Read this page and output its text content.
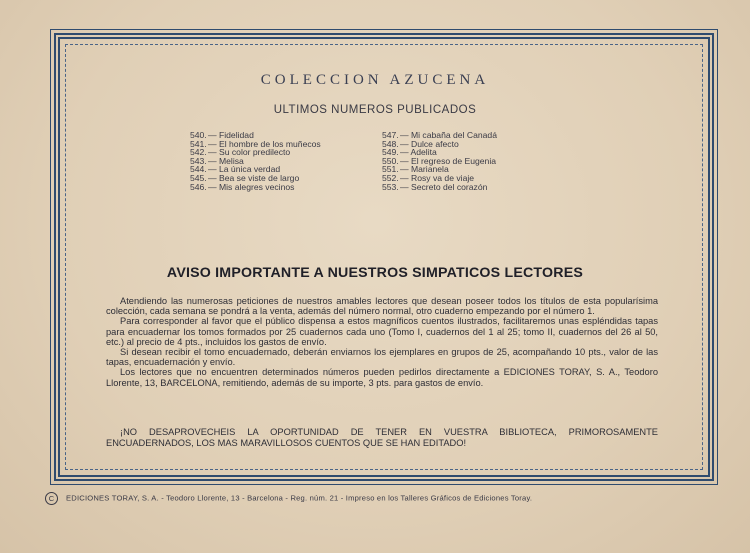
COLECCION AZUCENA
ULTIMOS NUMEROS PUBLICADOS
540.— Fidelidad
541.— El hombre de los muñecos
542.— Su color predilecto
543.— Melisa
544.— La única verdad
545.— Bea se viste de largo
546.— Mis alegres vecinos
547.— Mi cabaña del Canadá
548.— Dulce afecto
549.— Adelita
550.— El regreso de Eugenia
551.— Marianela
552.— Rosy va de viaje
553.— Secreto del corazón
AVISO IMPORTANTE A NUESTROS SIMPATICOS LECTORES

Atendiendo las numerosas peticiones de nuestros amables lectores que desean poseer todos los títulos de esta popularísima colección, cada semana se pondrá a la venta, además del número normal, otro cuaderno empezando por el número 1.

Para corresponder al favor que el público dispensa a estos magníficos cuentos ilustrados, facilitaremos unas espléndidas tapas para encuadernar los tomos formados por 25 cuadernos cada uno (Tomo I, cuadernos del 1 al 25; tomo II, cuadernos del 26 al 50, etc.) al precio de 4 pts., incluidos los gastos de envío.

Si desean recibir el tomo encuadernado, deberán enviarnos los ejemplares en grupos de 25, acompañando 10 pts., valor de las tapas, encuadernación y envío.

Los lectores que no encuentren determinados números pueden pedirlos directamente a EDICIONES TORAY, S. A., Teodoro Llorente, 13, BARCELONA, remitiendo, además de su importe, 3 pts. para gastos de envío.

¡NO DESAPROVECHEIS LA OPORTUNIDAD DE TENER EN VUESTRA BIBLIOTECA, PRIMOROSAMENTE ENCUADERNADOS, LOS MAS MARAVILLOSOS CUENTOS QUE SE HAN EDITADO!

C EDICIONES TORAY, S. A. - Teodoro Llorente, 13 - Barcelona - Reg. núm. 21 - Impreso en los Talleres Gráficos de Ediciones Toray.
